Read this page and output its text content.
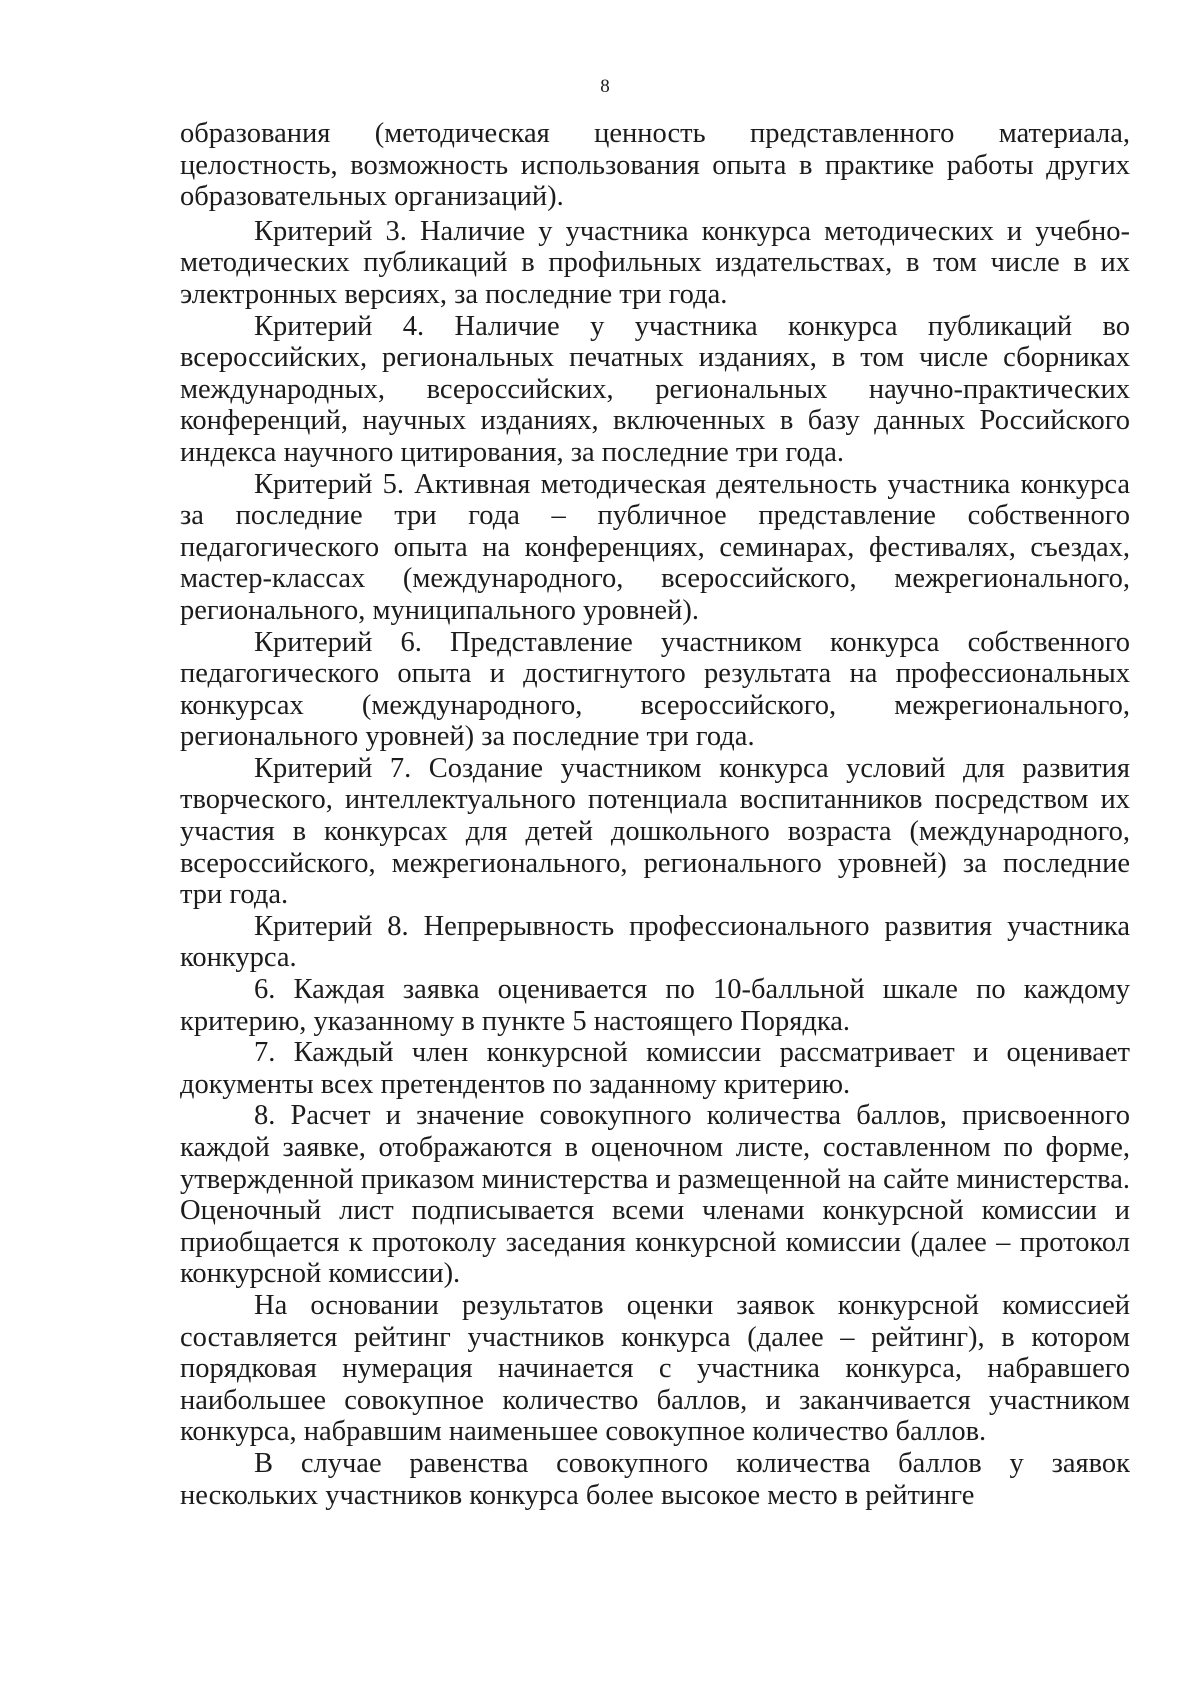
8

образования (методическая ценность представленного материала, целостность, возможность использования опыта в практике работы других образовательных организаций).

Критерий 3. Наличие у участника конкурса методических и учебно-методических публикаций в профильных издательствах, в том числе в их электронных версиях, за последние три года.

Критерий 4. Наличие у участника конкурса публикаций во всероссийских, региональных печатных изданиях, в том числе сборниках международных, всероссийских, региональных научно-практических конференций, научных изданиях, включенных в базу данных Российского индекса научного цитирования, за последние три года.

Критерий 5. Активная методическая деятельность участника конкурса за последние три года – публичное представление собственного педагогического опыта на конференциях, семинарах, фестивалях, съездах, мастер-классах (международного, всероссийского, межрегионального, регионального, муниципального уровней).

Критерий 6. Представление участником конкурса собственного педагогического опыта и достигнутого результата на профессиональных конкурсах (международного, всероссийского, межрегионального, регионального уровней) за последние три года.

Критерий 7. Создание участником конкурса условий для развития творческого, интеллектуального потенциала воспитанников посредством их участия в конкурсах для детей дошкольного возраста (международного, всероссийского, межрегионального, регионального уровней) за последние три года.

Критерий 8. Непрерывность профессионального развития участника конкурса.

6. Каждая заявка оценивается по 10-балльной шкале по каждому критерию, указанному в пункте 5 настоящего Порядка.

7. Каждый член конкурсной комиссии рассматривает и оценивает документы всех претендентов по заданному критерию.

8. Расчет и значение совокупного количества баллов, присвоенного каждой заявке, отображаются в оценочном листе, составленном по форме, утвержденной приказом министерства и размещенной на сайте министерства. Оценочный лист подписывается всеми членами конкурсной комиссии и приобщается к протоколу заседания конкурсной комиссии (далее – протокол конкурсной комиссии).

На основании результатов оценки заявок конкурсной комиссией составляется рейтинг участников конкурса (далее – рейтинг), в котором порядковая нумерация начинается с участника конкурса, набравшего наибольшее совокупное количество баллов, и заканчивается участником конкурса, набравшим наименьшее совокупное количество баллов.

В случае равенства совокупного количества баллов у заявок нескольких участников конкурса более высокое место в рейтинге
